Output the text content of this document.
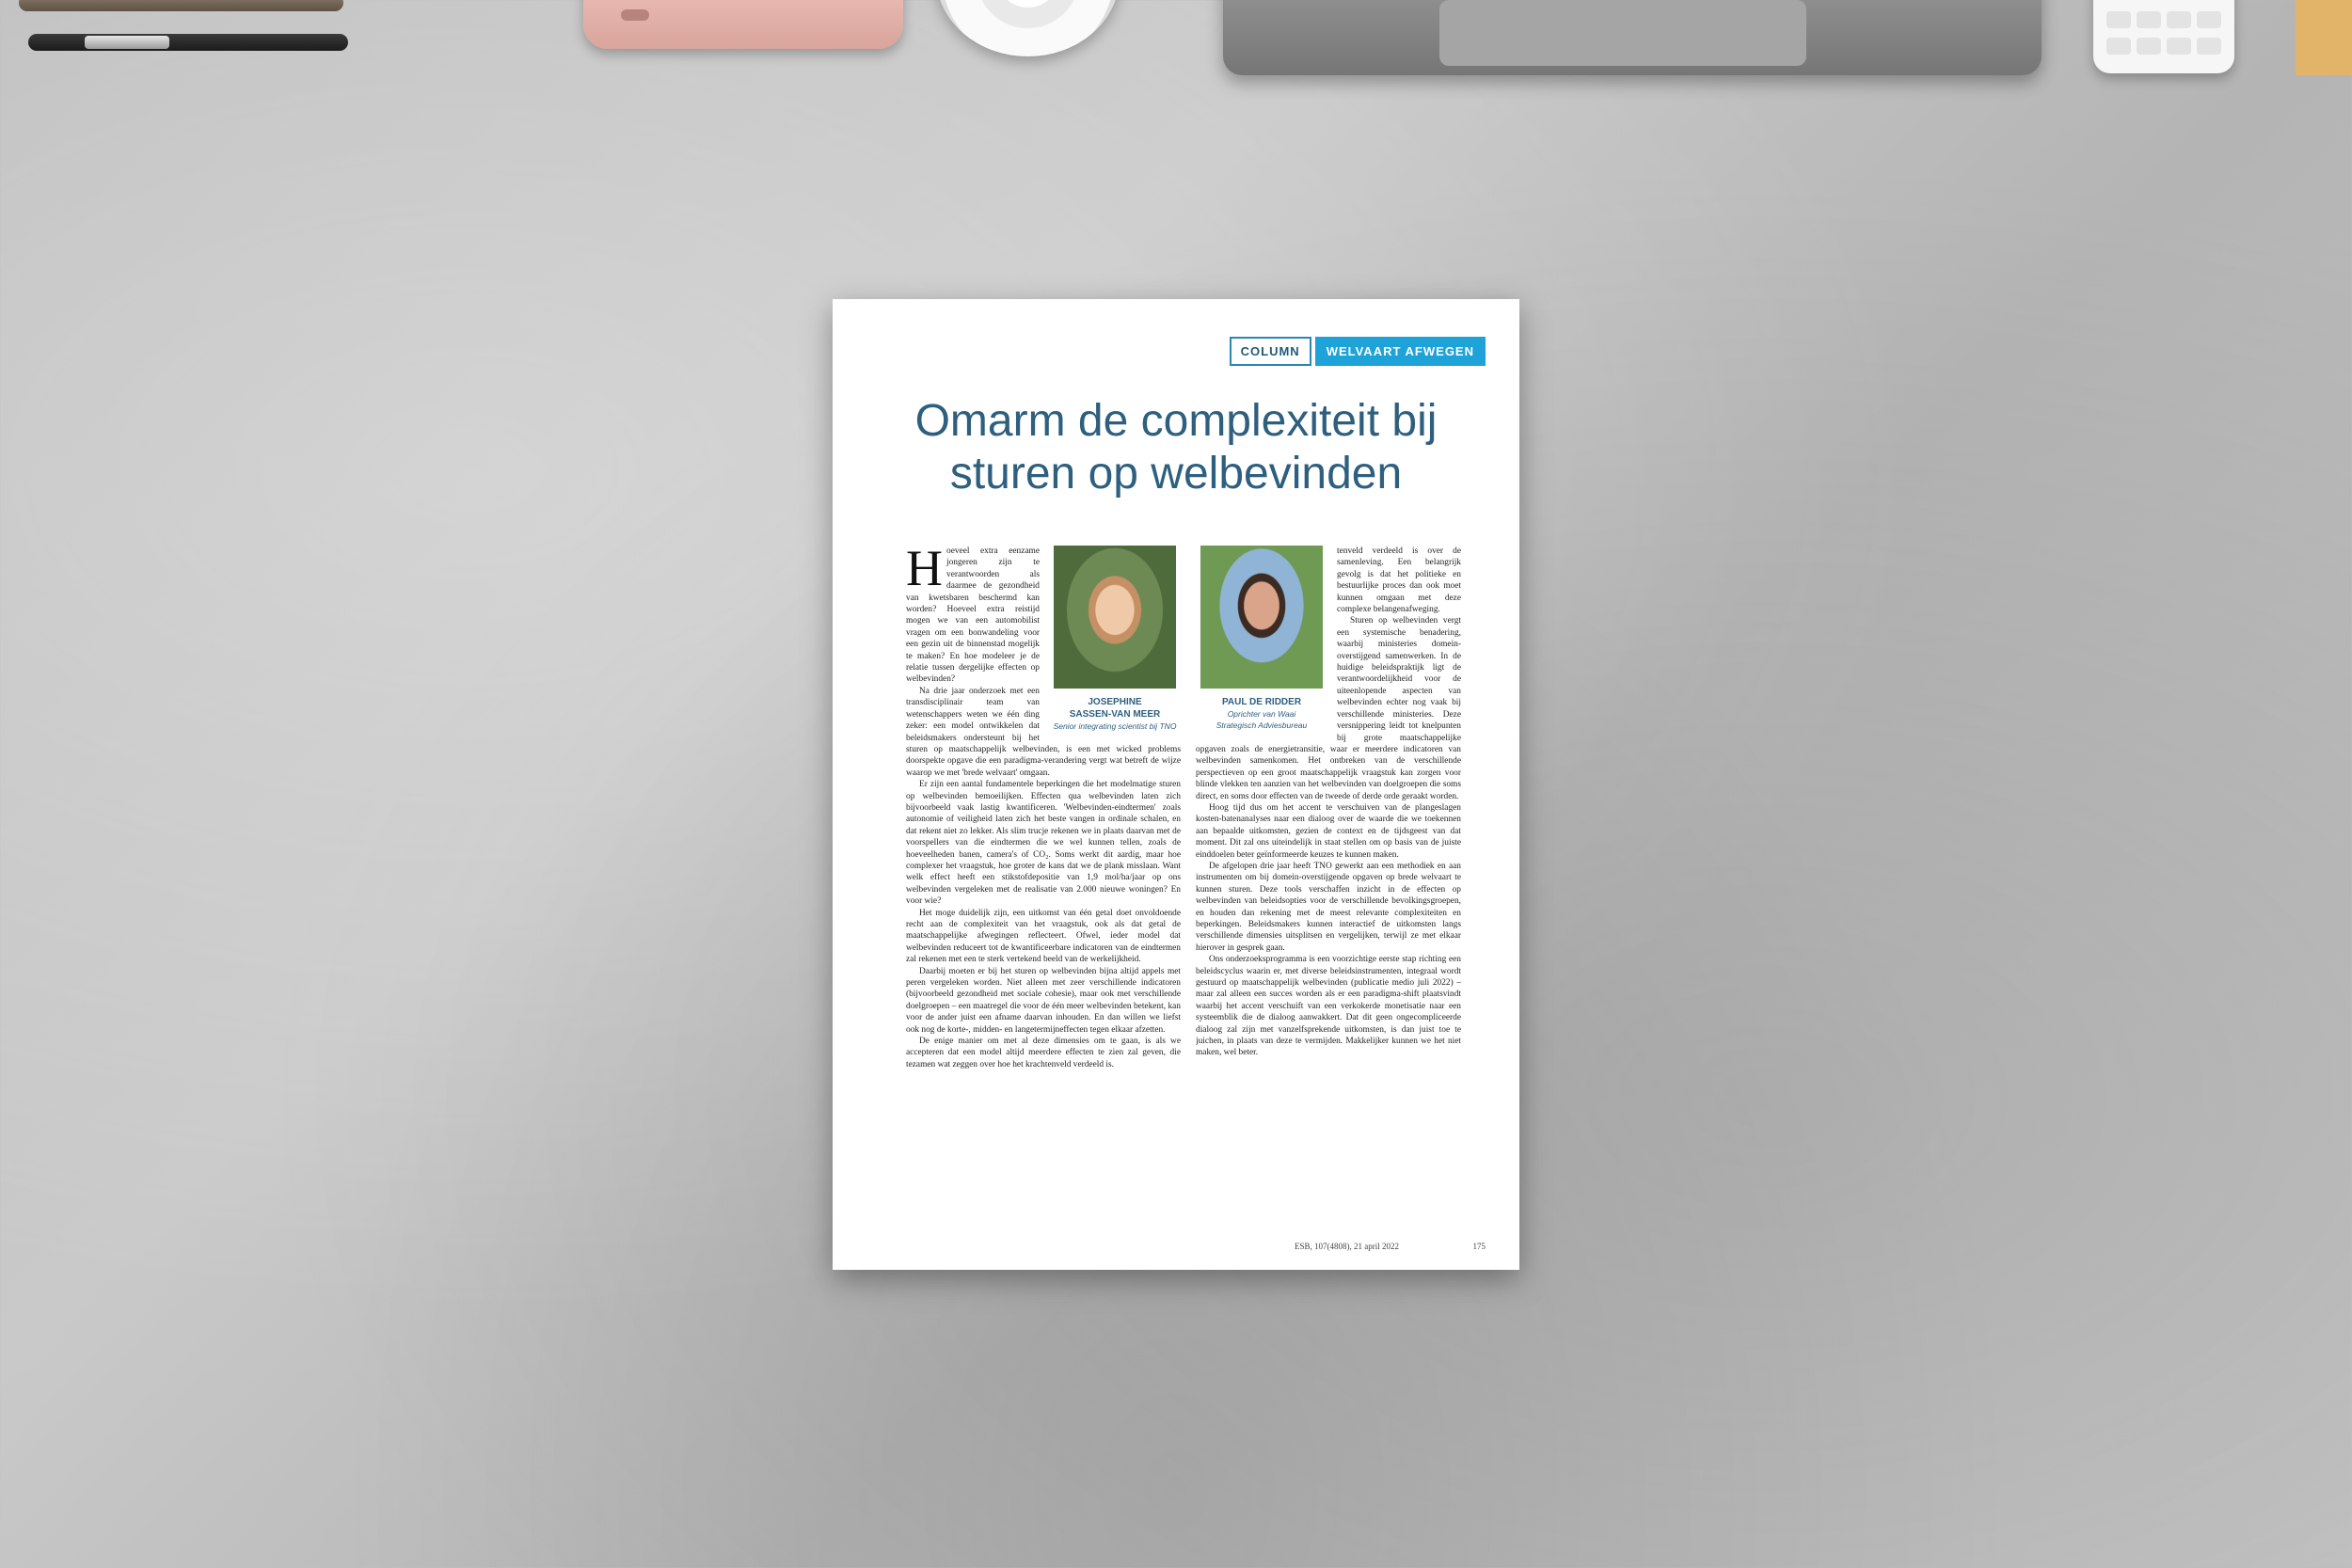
COLUMN	WELVAART AFWEGEN
Omarm de complexiteit bij
sturen op welbevinden
JOSEPHINE
SASSEN-VAN MEER
Senior integrating scientist bij TNO

Hoeveel extra eenzame jongeren zijn te verantwoorden als daarmee de gezondheid van kwetsbaren beschermd kan worden? Hoeveel extra reistijd mogen we van een automobilist vragen om een bonwandeling voor een gezin uit de binnenstad mogelijk te maken? En hoe modeleer je de relatie tussen dergelijke effecten op welbevinden?

Na drie jaar onderzoek met een transdisciplinair team van wetenschappers weten we één ding zeker: een model ontwikkelen dat beleidsmakers ondersteunt bij het sturen op maatschappelijk welbevinden, is een met wicked problems doorspekte opgave die een paradigma-verandering vergt wat betreft de wijze waarop we met 'brede welvaart' omgaan.

Er zijn een aantal fundamentele beperkingen die het modelmatige sturen op welbevinden bemoeilijken. Effecten qua welbevinden laten zich bijvoorbeeld vaak lastig kwantificeren. 'Welbevinden-eindtermen' zoals autonomie of veiligheid laten zich het beste vangen in ordinale schalen, en dat rekent niet zo lekker. Als slim trucje rekenen we in plaats daarvan met de voorspellers van die eindtermen die we wel kunnen tellen, zoals de hoeveelheden banen, camera's of CO₂. Soms werkt dit aardig, maar hoe complexer het vraagstuk, hoe groter de kans dat we de plank misslaan. Want welk effect heeft een stikstofdepositie van 1,9 mol/ha/jaar op ons welbevinden vergeleken met de realisatie van 2.000 nieuwe woningen? En voor wie?

Het moge duidelijk zijn, een uitkomst van één getal doet onvoldoende recht aan de complexiteit van het vraagstuk, ook als dat getal de maatschappelijke afwegingen reflecteert. Ofwel, ieder model dat welbevinden reduceert tot de kwantificeerbare indicatoren van de eindtermen zal rekenen met een te sterk vertekend beeld van de werkelijkheid.

Daarbij moeten er bij het sturen op welbevinden bijna altijd appels met peren vergeleken worden. Niet alleen met zeer verschillende indicatoren (bijvoorbeeld gezondheid met sociale cohesie), maar ook met verschillende doelgroepen – een maatregel die voor de één meer welbevinden betekent, kan voor de ander juist een afname daarvan inhouden. En dan willen we liefst ook nog de korte-, midden- en langetermijneffecten tegen elkaar afzetten.

De enige manier om met al deze dimensies om te gaan, is als we accepteren dat een model altijd meerdere effecten te zien zal geven, die tezamen wat zeggen over hoe het krachtenveld verdeeld is.

PAUL DE RIDDER
Oprichter van Waai
Strategisch Adviesbureau

tenveld verdeeld is over de samenleving. Een belangrijk gevolg is dat het politieke en bestuurlijke proces dan ook moet kunnen omgaan met deze complexe belangenafweging.

Sturen op welbevinden vergt een systemische benadering, waarbij ministeries domein-overstijgend samenwerken. In de huidige beleidspraktijk ligt de verantwoordelijkheid voor de uiteenlopende aspecten van welbevinden echter nog vaak bij verschillende ministeries. Deze versnippering leidt tot knelpunten bij grote maatschappelijke opgaven zoals de energietransitie, waar er meerdere indicatoren van welbevinden samenkomen. Het ontbreken van de verschillende perspectieven op een groot maatschappelijk vraagstuk kan zorgen voor blinde vlekken ten aanzien van het welbevinden van doelgroepen die soms direct, en soms door effecten van de tweede of derde orde geraakt worden.

Hoog tijd dus om het accent te verschuiven van de plangeslagen kosten-batenanalyses naar een dialoog over de waarde die we toekennen aan bepaalde uitkomsten, gezien de context en de tijdsgeest van dat moment. Dit zal ons uiteindelijk in staat stellen om op basis van de juiste einddoelen beter geïnformeerde keuzes te kunnen maken.

De afgelopen drie jaar heeft TNO gewerkt aan een methodiek en aan instrumenten om bij domein-overstijgende opgaven op brede welvaart te kunnen sturen. Deze tools verschaffen inzicht in de effecten op welbevinden van beleidsopties voor de verschillende bevolkingsgroepen, en houden dan rekening met de meest relevante complexiteiten en beperkingen. Beleidsmakers kunnen interactief de uitkomsten langs verschillende dimensies uitsplitsen en vergelijken, terwijl ze met elkaar hierover in gesprek gaan.

Ons onderzoeksprogramma is een voorzichtige eerste stap richting een beleidscyclus waarin er, met diverse beleidsinstrumenten, integraal wordt gestuurd op maatschappelijk welbevinden (publicatie medio juli 2022) – maar zal alleen een succes worden als er een paradigma-shift plaatsvindt waarbij het accent verschuift van een verkokerde monetisatie naar een systeemblik die de dialoog aanwakkert. Dat dit geen ongecompliceerde dialoog zal zijn met vanzelfsprekende uitkomsten, is dan juist toe te juichen, in plaats van deze te vermijden. Makkelijker kunnen we het niet maken, wel beter.

ESB, 107(4808), 21 april 2022	175
